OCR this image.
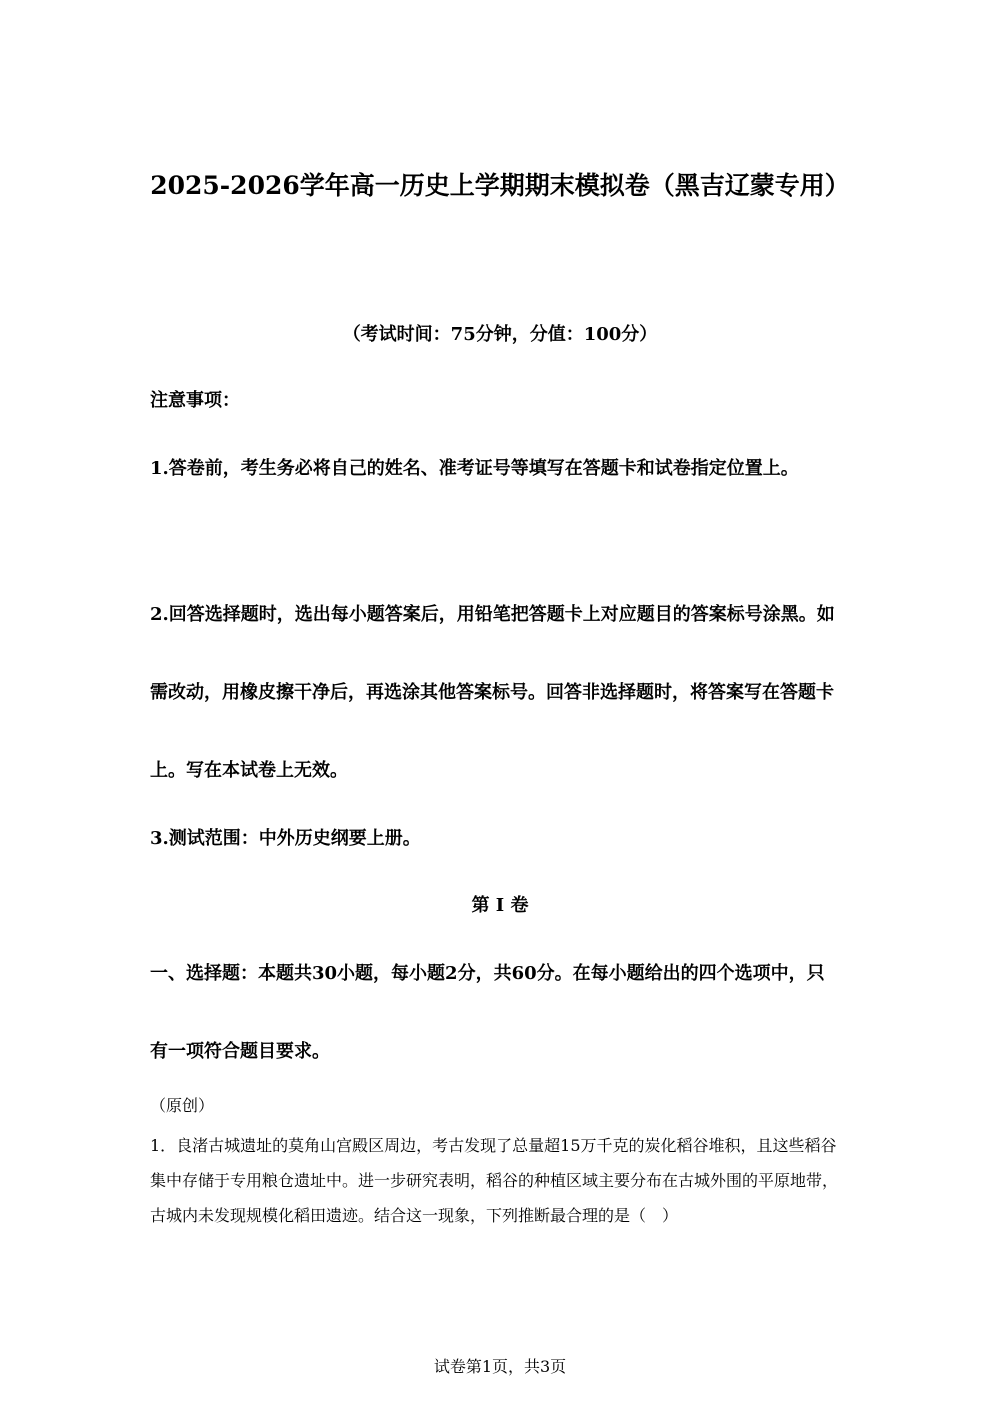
2025-2026学年高一历史上学期期末模拟卷（黑吉辽蒙专用）
（考试时间：75分钟，分值：100分）
注意事项：
1.答卷前，考生务必将自己的姓名、准考证号等填写在答题卡和试卷指定位置上。
2.回答选择题时，选出每小题答案后，用铅笔把答题卡上对应题目的答案标号涂黑。如需改动，用橡皮擦干净后，再选涂其他答案标号。回答非选择题时，将答案写在答题卡上。写在本试卷上无效。
3.测试范围：中外历史纲要上册。
第 I 卷
一、选择题：本题共30小题，每小题2分，共60分。在每小题给出的四个选项中，只有一项符合题目要求。
（原创）
1．良渚古城遗址的莫角山宫殿区周边，考古发现了总量超15万千克的炭化稻谷堆积，且这些稻谷集中存储于专用粮仓遗址中。进一步研究表明，稻谷的种植区域主要分布在古城外围的平原地带，古城内未发现规模化稻田遗迹。结合这一现象，下列推断最合理的是（　）
试卷第1页，共3页
